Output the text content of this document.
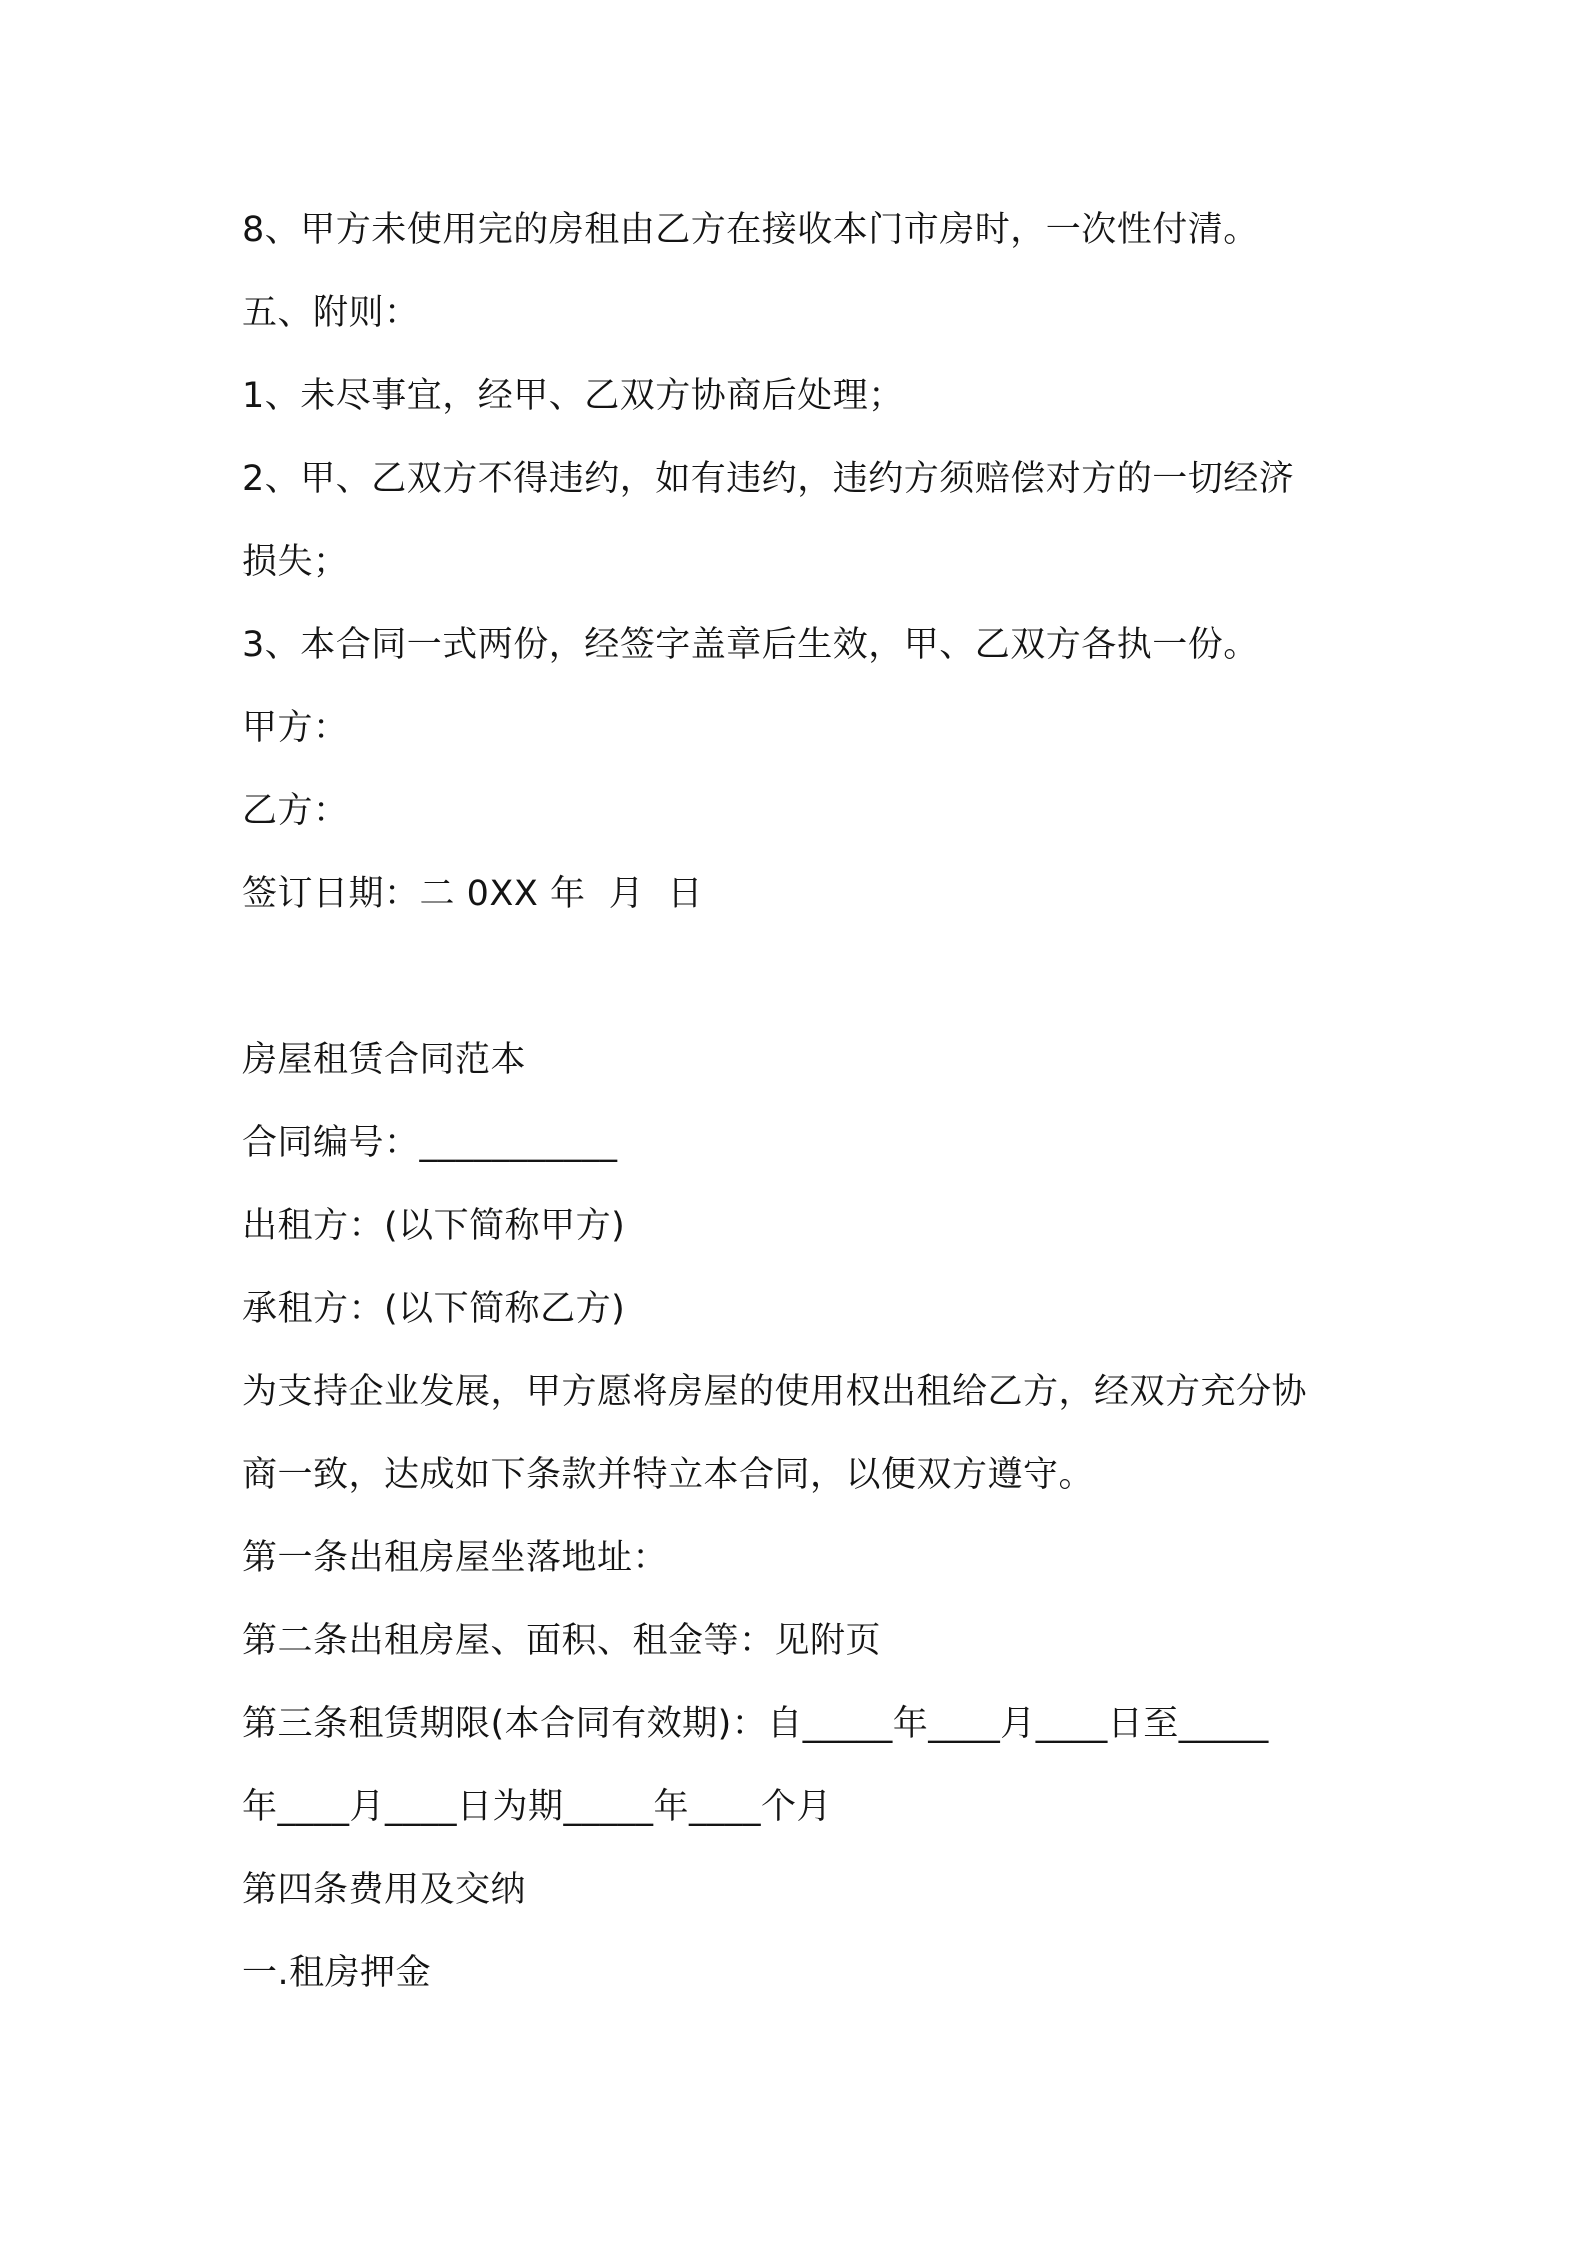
8、甲方未使用完的房租由乙方在接收本门市房时，一次性付清。

五、附则：

1、未尽事宜，经甲、乙双方协商后处理；

2、甲、乙双方不得违约，如有违约，违约方须赔偿对方的一切经济

损失；

3、本合同一式两份，经签字盖章后生效，甲、乙双方各执一份。

甲方：

乙方：

签订日期：二 0XX 年  月  日

房屋租赁合同范本

合同编号：___________

出租方：(以下简称甲方)

承租方：(以下简称乙方)

为支持企业发展，甲方愿将房屋的使用权出租给乙方，经双方充分协

商一致，达成如下条款并特立本合同，以便双方遵守。

第一条出租房屋坐落地址：

第二条出租房屋、面积、租金等：见附页

第三条租赁期限(本合同有效期)：自_____年____月____日至_____

年____月____日为期_____年____个月

第四条费用及交纳

一.租房押金
